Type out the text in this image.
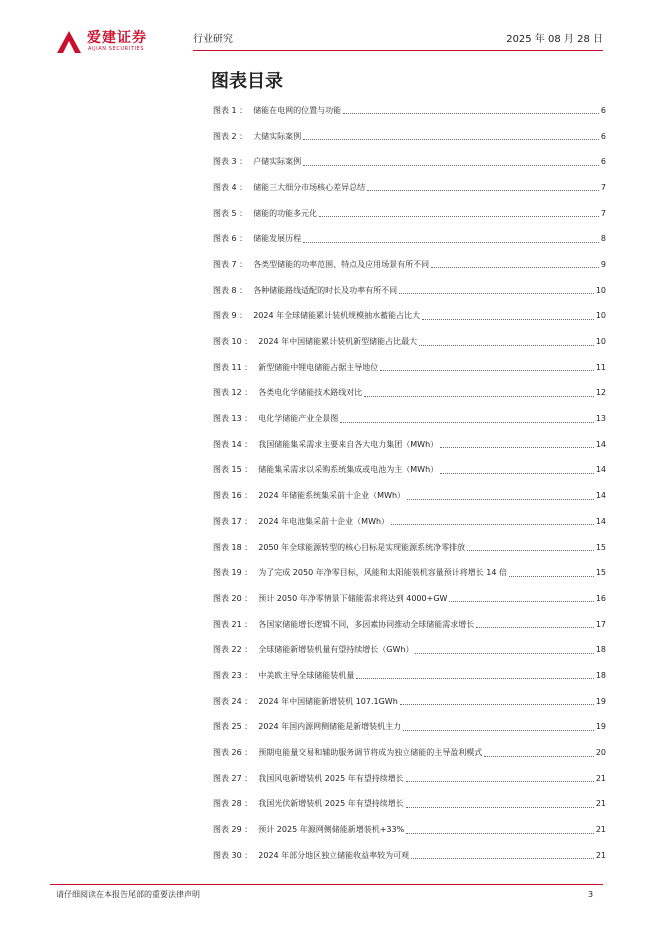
爱建证券
AIJIAN SECURITIES
行业研究	2025 年 08 月 28 日
图表目录
图表 1 ： 储能在电网的位置与功能	6
图表 2 ： 大储实际案例	6
图表 3 ： 户储实际案例	6
图表 4 ： 储能三大细分市场核心差异总结	7
图表 5 ： 储能的功能多元化	7
图表 6 ： 储能发展历程	8
图表 7 ： 各类型储能的功率范围、特点及应用场景有所不同	9
图表 8 ： 各种储能路线适配的时长及功率有所不同	10
图表 9 ： 2024 年全球储能累计装机规模抽水蓄能占比大	10
图表 10 ： 2024 年中国储能累计装机新型储能占比最大	10
图表 11 ： 新型储能中锂电储能占据主导地位	11
图表 12 ： 各类电化学储能技术路线对比	12
图表 13 ： 电化学储能产业全景图	13
图表 14 ： 我国储能集采需求主要来自各大电力集团（MWh）	14
图表 15 ： 储能集采需求以采购系统集成或电池为主（MWh）	14
图表 16 ： 2024 年储能系统集采前十企业（MWh）	14
图表 17 ： 2024 年电池集采前十企业（MWh）	14
图表 18 ： 2050 年全球能源转型的核心目标是实现能源系统净零排放	15
图表 19 ： 为了完成 2050 年净零目标，风能和太阳能装机容量预计将增长 14 倍	15
图表 20 ： 预计 2050 年净零情景下储能需求将达到 4000+GW	16
图表 21 ： 各国家储能增长逻辑不同，多因素协同推动全球储能需求增长	17
图表 22 ： 全球储能新增装机量有望持续增长（GWh）	18
图表 23 ： 中美欧主导全球储能装机量	18
图表 24 ： 2024 年中国储能新增装机 107.1GWh	19
图表 25 ： 2024 年国内源网侧储能是新增装机主力	19
图表 26 ： 预期电能量交易和辅助服务调节将成为独立储能的主导盈利模式	20
图表 27 ： 我国风电新增装机 2025 年有望持续增长	21
图表 28 ： 我国光伏新增装机 2025 年有望持续增长	21
图表 29 ： 预计 2025 年源网侧储能新增装机+33%	21
图表 30 ： 2024 年部分地区独立储能收益率较为可观	21
请仔细阅读在本报告尾部的重要法律声明	3
